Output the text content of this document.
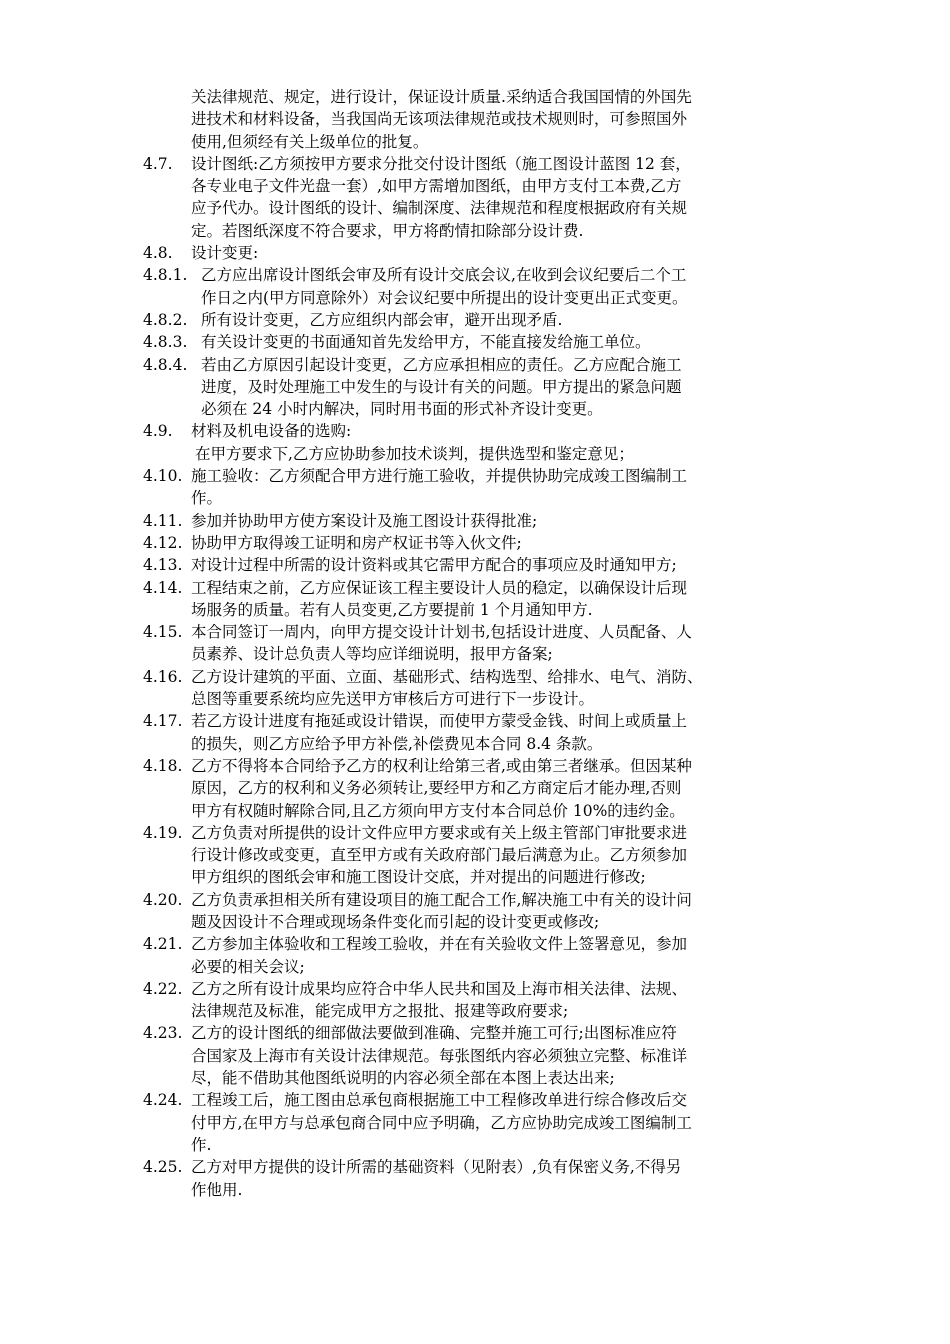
关法律规范、规定，进行设计，保证设计质量.采纳适合我国国情的外国先
进技术和材料设备，当我国尚无该项法律规范或技术规则时，可参照国外
使用,但须经有关上级单位的批复。
4.7. 设计图纸:乙方须按甲方要求分批交付设计图纸（施工图设计蓝图 12 套，
各专业电子文件光盘一套）,如甲方需增加图纸，由甲方支付工本费,乙方
应予代办。设计图纸的设计、编制深度、法律规范和程度根据政府有关规
定。若图纸深度不符合要求，甲方将酌情扣除部分设计费.
4.8. 设计变更:
4.8.1. 乙方应出席设计图纸会审及所有设计交底会议,在收到会议纪要后二个工
作日之内(甲方同意除外）对会议纪要中所提出的设计变更出正式变更。
4.8.2. 所有设计变更，乙方应组织内部会审，避开出现矛盾.
4.8.3. 有关设计变更的书面通知首先发给甲方，不能直接发给施工单位。
4.8.4. 若由乙方原因引起设计变更，乙方应承担相应的责任。乙方应配合施工
进度，及时处理施工中发生的与设计有关的问题。甲方提出的紧急问题
必须在 24 小时内解决，同时用书面的形式补齐设计变更。
4.9. 材料及机电设备的选购:
在甲方要求下,乙方应协助参加技术谈判，提供选型和鉴定意见；
4.10. 施工验收：乙方须配合甲方进行施工验收，并提供协助完成竣工图编制工
作。
4.11. 参加并协助甲方使方案设计及施工图设计获得批准;
4.12. 协助甲方取得竣工证明和房产权证书等入伙文件;
4.13. 对设计过程中所需的设计资料或其它需甲方配合的事项应及时通知甲方;
4.14. 工程结束之前，乙方应保证该工程主要设计人员的稳定，以确保设计后现
场服务的质量。若有人员变更,乙方要提前 1 个月通知甲方.
4.15. 本合同签订一周内，向甲方提交设计计划书,包括设计进度、人员配备、人
员素养、设计总负责人等均应详细说明，报甲方备案;
4.16. 乙方设计建筑的平面、立面、基础形式、结构选型、给排水、电气、消防、
总图等重要系统均应先送甲方审核后方可进行下一步设计。
4.17. 若乙方设计进度有拖延或设计错误，而使甲方蒙受金钱、时间上或质量上
的损失，则乙方应给予甲方补偿,补偿费见本合同 8.4 条款。
4.18. 乙方不得将本合同给予乙方的权利让给第三者,或由第三者继承。但因某种
原因，乙方的权利和义务必须转让,要经甲方和乙方商定后才能办理,否则
甲方有权随时解除合同,且乙方须向甲方支付本合同总价 10%的违约金。
4.19. 乙方负责对所提供的设计文件应甲方要求或有关上级主管部门审批要求进
行设计修改或变更，直至甲方或有关政府部门最后满意为止。乙方须参加
甲方组织的图纸会审和施工图设计交底，并对提出的问题进行修改;
4.20. 乙方负责承担相关所有建设项目的施工配合工作,解决施工中有关的设计问
题及因设计不合理或现场条件变化而引起的设计变更或修改;
4.21. 乙方参加主体验收和工程竣工验收，并在有关验收文件上签署意见，参加
必要的相关会议;
4.22. 乙方之所有设计成果均应符合中华人民共和国及上海市相关法律、法规、
法律规范及标准，能完成甲方之报批、报建等政府要求;
4.23. 乙方的设计图纸的细部做法要做到准确、完整并施工可行;出图标准应符
合国家及上海市有关设计法律规范。每张图纸内容必须独立完整、标准详
尽，能不借助其他图纸说明的内容必须全部在本图上表达出来;
4.24. 工程竣工后，施工图由总承包商根据施工中工程修改单进行综合修改后交
付甲方,在甲方与总承包商合同中应予明确，乙方应协助完成竣工图编制工
作.
4.25. 乙方对甲方提供的设计所需的基础资料（见附表）,负有保密义务,不得另
作他用.
